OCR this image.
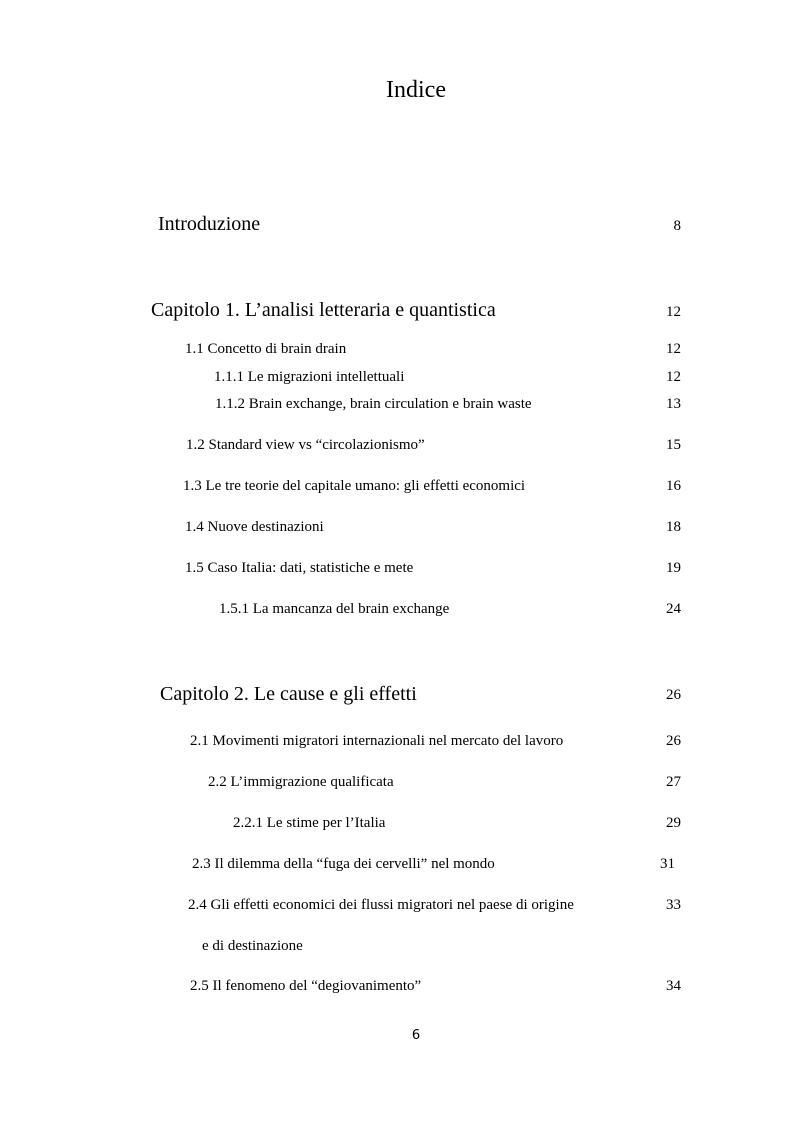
Indice
Introduzione	8
Capitolo 1. L’analisi letteraria e quantistica	12
1.1 Concetto di brain drain	12
1.1.1 Le migrazioni intellettuali	12
1.1.2 Brain exchange, brain circulation e brain waste	13
1.2 Standard view vs “circolazionismo”	15
1.3 Le tre teorie del capitale umano: gli effetti economici	16
1.4 Nuove destinazioni	18
1.5 Caso Italia: dati, statistiche e mete	19
1.5.1 La mancanza del brain exchange	24
Capitolo 2. Le cause e gli effetti	26
2.1 Movimenti migratori internazionali nel mercato del lavoro	26
2.2 L’immigrazione qualificata	27
2.2.1 Le stime per l’Italia	29
2.3 Il dilemma della “fuga dei cervelli” nel mondo	31
2.4 Gli effetti economici dei flussi migratori nel paese di origine	33
e di destinazione
2.5 Il fenomeno del “degiovanimento”	34
6
